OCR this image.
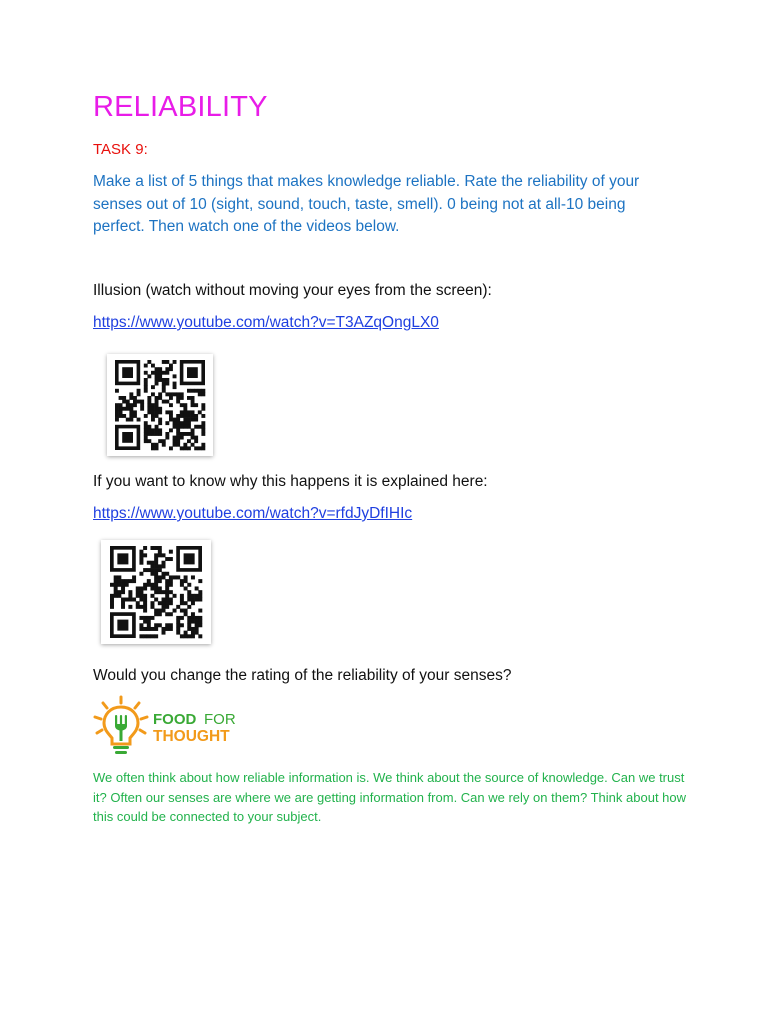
RELIABILITY
TASK 9:
Make a list of 5 things that makes knowledge reliable. Rate the reliability of your senses out of 10 (sight, sound, touch, taste, smell). 0 being not at all-10 being perfect. Then watch one of the videos below.
Illusion (watch without moving your eyes from the screen):
https://www.youtube.com/watch?v=T3AZqOngLX0
If you want to know why this happens it is explained here:
https://www.youtube.com/watch?v=rfdJyDfIHIc
Would you change the rating of the reliability of your senses?
FOOD FOR
THOUGHT
We often think about how reliable information is. We think about the source of knowledge. Can we trust it? Often our senses are where we are getting information from. Can we rely on them? Think about how this could be connected to your subject.
